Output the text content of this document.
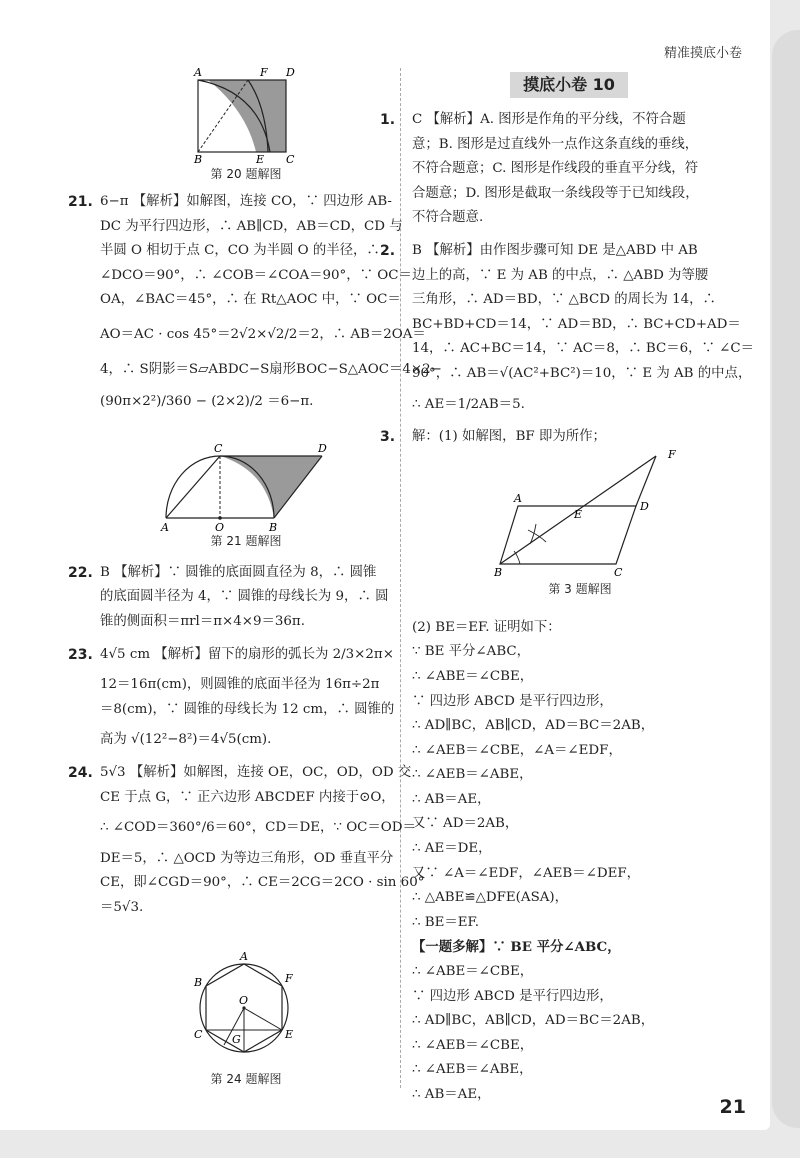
精准摸底小卷
摸底小卷 10
A	F D
B	E C
第 20 题解图
21. 6−π 【解析】如解图，连接 CO，∵ 四边形 AB-
DC 为平行四边形，∴ AB∥CD，AB＝CD，CD 与
半圆 O 相切于点 C，CO 为半圆 O 的半径，∴
∠DCO＝90°，∴ ∠COB＝∠COA＝90°，∵ OC＝
OA，∠BAC＝45°，∴ 在 Rt△AOC 中，∵ OC＝
AO＝AC · cos 45°＝2√2×√2/2＝2，∴ AB＝2OA＝
4，∴ S阴影＝S▱ABDC−S扇形BOC−S△AOC＝4×2−
(90π×2²)/360 − (2×2)/2 ＝6−π.
22. B 【解析】∵ 圆锥的底面圆直径为 8，∴ 圆锥
的底面圆半径为 4，∵ 圆锥的母线长为 9，∴ 圆
锥的侧面积＝πrl＝π×4×9＝36π.
23. 4√5 cm 【解析】留下的扇形的弧长为 2/3×2π×
12＝16π(cm)，则圆锥的底面半径为 16π÷2π
＝8(cm)，∵ 圆锥的母线长为 12 cm，∴ 圆锥的
高为 √(12²−8²)＝4√5(cm).
24. 5√3 【解析】如解图，连接 OE，OC，OD，OD 交
CE 于点 G，∵ 正六边形 ABCDEF 内接于⊙O，
∴ ∠COD＝360°/6＝60°，CD＝DE，∵ OC＝OD＝
DE＝5，∴ △OCD 为等边三角形，OD 垂直平分
CE，即∠CGD＝90°，∴ CE＝2CG＝2CO · sin 60°
＝5√3.
C	D
A	O	B
第 21 题解图
A
B	F
O
C	G	E
第 24 题解图
1. C 【解析】A. 图形是作角的平分线，不符合题
意；B. 图形是过直线外一点作这条直线的垂线，
不符合题意；C. 图形是作线段的垂直平分线，符
合题意；D. 图形是截取一条线段等于已知线段，
不符合题意.
2. B 【解析】由作图步骤可知 DE 是△ABD 中 AB
边上的高，∵ E 为 AB 的中点，∴ △ABD 为等腰
三角形，∴ AD＝BD，∵ △BCD 的周长为 14，∴
BC+BD+CD＝14，∵ AD＝BD，∴ BC+CD+AD＝
14，∴ AC+BC＝14，∵ AC＝8，∴ BC＝6，∵ ∠C＝
90°，∴ AB＝√(AC²+BC²)＝10，∵ E 为 AB 的中点，
∴ AE＝1/2AB＝5.
3. 解：(1) 如解图，BF 即为所作；
(2) BE＝EF. 证明如下：
∵ BE 平分∠ABC，
∴ ∠ABE＝∠CBE，
∵ 四边形 ABCD 是平行四边形，
∴ AD∥BC，AB∥CD，AD＝BC＝2AB，
∴ ∠AEB＝∠CBE，∠A＝∠EDF，
∴ ∠AEB＝∠ABE，
∴ AB＝AE，
又∵ AD＝2AB，
∴ AE＝DE，
又∵ ∠A＝∠EDF，∠AEB＝∠DEF，
∴ △ABE≌△DFE(ASA)，
∴ BE＝EF.
【一题多解】∵ BE 平分∠ABC，
∴ ∠ABE＝∠CBE，
∵ 四边形 ABCD 是平行四边形，
∴ AD∥BC，AB∥CD，AD＝BC＝2AB，
∴ ∠AEB＝∠CBE，
∴ ∠AEB＝∠ABE，
∴ AB＝AE，
F
A
D
E
B	C
第 3 题解图
21
